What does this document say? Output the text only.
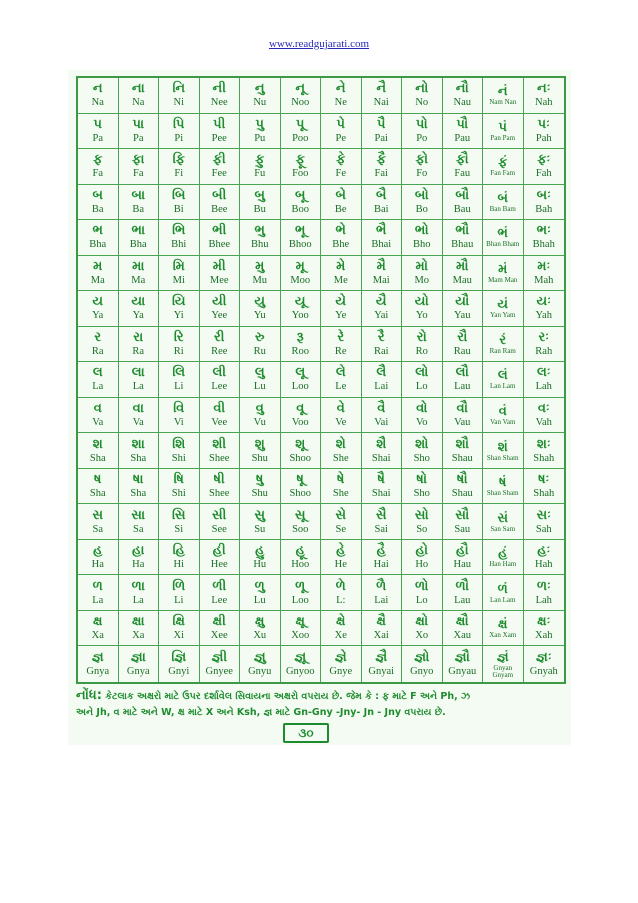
www.readgujarati.com
ન
Na
ના
Na
નિ
Ni
ની
Nee
નુ
Nu
નૂ
Noo
ને
Ne
નૈ
Nai
નો
No
નૌ
Nau
નં
Nam Nan
નઃ
Nah
પ
Pa
પા
Pa
પિ
Pi
પી
Pee
પુ
Pu
પૂ
Poo
પે
Pe
પૈ
Pai
પો
Po
પૌ
Pau
પં
Pan Pam
પઃ
Pah
ફ
Fa
ફા
Fa
ફિ
Fi
ફી
Fee
ફુ
Fu
ફૂ
Foo
ફે
Fe
ફૈ
Fai
ફો
Fo
ફૌ
Fau
ફં
Fan Fam
ફઃ
Fah
બ
Ba
બા
Ba
બિ
Bi
બી
Bee
બુ
Bu
બૂ
Boo
બે
Be
બૈ
Bai
બો
Bo
બૌ
Bau
બં
Ban Bam
બઃ
Bah
ભ
Bha
ભા
Bha
ભિ
Bhi
ભી
Bhee
ભુ
Bhu
ભૂ
Bhoo
ભે
Bhe
ભૈ
Bhai
ભો
Bho
ભૌ
Bhau
ભં
Bhan Bham
ભઃ
Bhah
મ
Ma
મા
Ma
મિ
Mi
મી
Mee
મુ
Mu
મૂ
Moo
મે
Me
મૈ
Mai
મો
Mo
મૌ
Mau
મં
Mam Man
મઃ
Mah
ય
Ya
યા
Ya
યિ
Yi
યી
Yee
યુ
Yu
યૂ
Yoo
યે
Ye
યૈ
Yai
યો
Yo
યૌ
Yau
યં
Yan Yam
યઃ
Yah
ર
Ra
રા
Ra
રિ
Ri
રી
Ree
રુ
Ru
રૂ
Roo
રે
Re
રૈ
Rai
રો
Ro
રૌ
Rau
રં
Ran Ram
રઃ
Rah
લ
La
લા
La
લિ
Li
લી
Lee
લુ
Lu
લૂ
Loo
લે
Le
લૈ
Lai
લો
Lo
લૌ
Lau
લં
Lan Lam
લઃ
Lah
વ
Va
વા
Va
વિ
Vi
વી
Vee
વુ
Vu
વૂ
Voo
વે
Ve
વૈ
Vai
વો
Vo
વૌ
Vau
વં
Van Vam
વઃ
Vah
શ
Sha
શા
Sha
શિ
Shi
શી
Shee
શુ
Shu
શૂ
Shoo
શે
She
શૈ
Shai
શો
Sho
શૌ
Shau
શં
Shan Sham
શઃ
Shah
ષ
Sha
ષા
Sha
ષિ
Shi
ષી
Shee
ષુ
Shu
ષૂ
Shoo
ષે
She
ષૈ
Shai
ષો
Sho
ષૌ
Shau
ષં
Shan Sham
ષઃ
Shah
સ
Sa
સા
Sa
સિ
Si
સી
See
સુ
Su
સૂ
Soo
સે
Se
સૈ
Sai
સો
So
સૌ
Sau
સં
San Sam
સઃ
Sah
હ
Ha
હા
Ha
હિ
Hi
હી
Hee
હુ
Hu
હૂ
Hoo
હે
He
હૈ
Hai
હો
Ho
હૌ
Hau
હં
Han Ham
હઃ
Hah
ળ
La
ળા
La
ળિ
Li
ળી
Lee
ળુ
Lu
ળૂ
Loo
ળે
L:
ળૈ
Lai
ળો
Lo
ળૌ
Lau
ળં
Lan Lam
ળઃ
Lah
ક્ષ
Xa
ક્ષા
Xa
ક્ષિ
Xi
ક્ષી
Xee
ક્ષુ
Xu
ક્ષૂ
Xoo
ક્ષે
Xe
ક્ષૈ
Xai
ક્ષો
Xo
ક્ષૌ
Xau
ક્ષં
Xan Xam
ક્ષઃ
Xah
જ્ઞ
Gnya
જ્ઞા
Gnya
જ્ઞિ
Gnyi
જ્ઞી
Gnyee
જ્ઞુ
Gnyu
જ્ઞૂ
Gnyoo
જ્ઞે
Gnye
જ્ઞૈ
Gnyai
જ્ઞો
Gnyo
જ્ઞૌ
Gnyau
જ્ઞં
Gnyan Gnyam
જ્ઞઃ
Gnyah
નોંધ: કેટલાક અક્ષરો માટે ઉપર દર્શાવેલ સિવાયના અક્ષરો વપરાય છે. જેમ કે : ફ માટે F અને Ph, ઝ
અને Jh, વ માટે અને W, ક્ષ માટે X અને Ksh, જ્ઞ માટે Gn-Gny -Jny- Jn - Jny વપરાય છે.
૩૦
